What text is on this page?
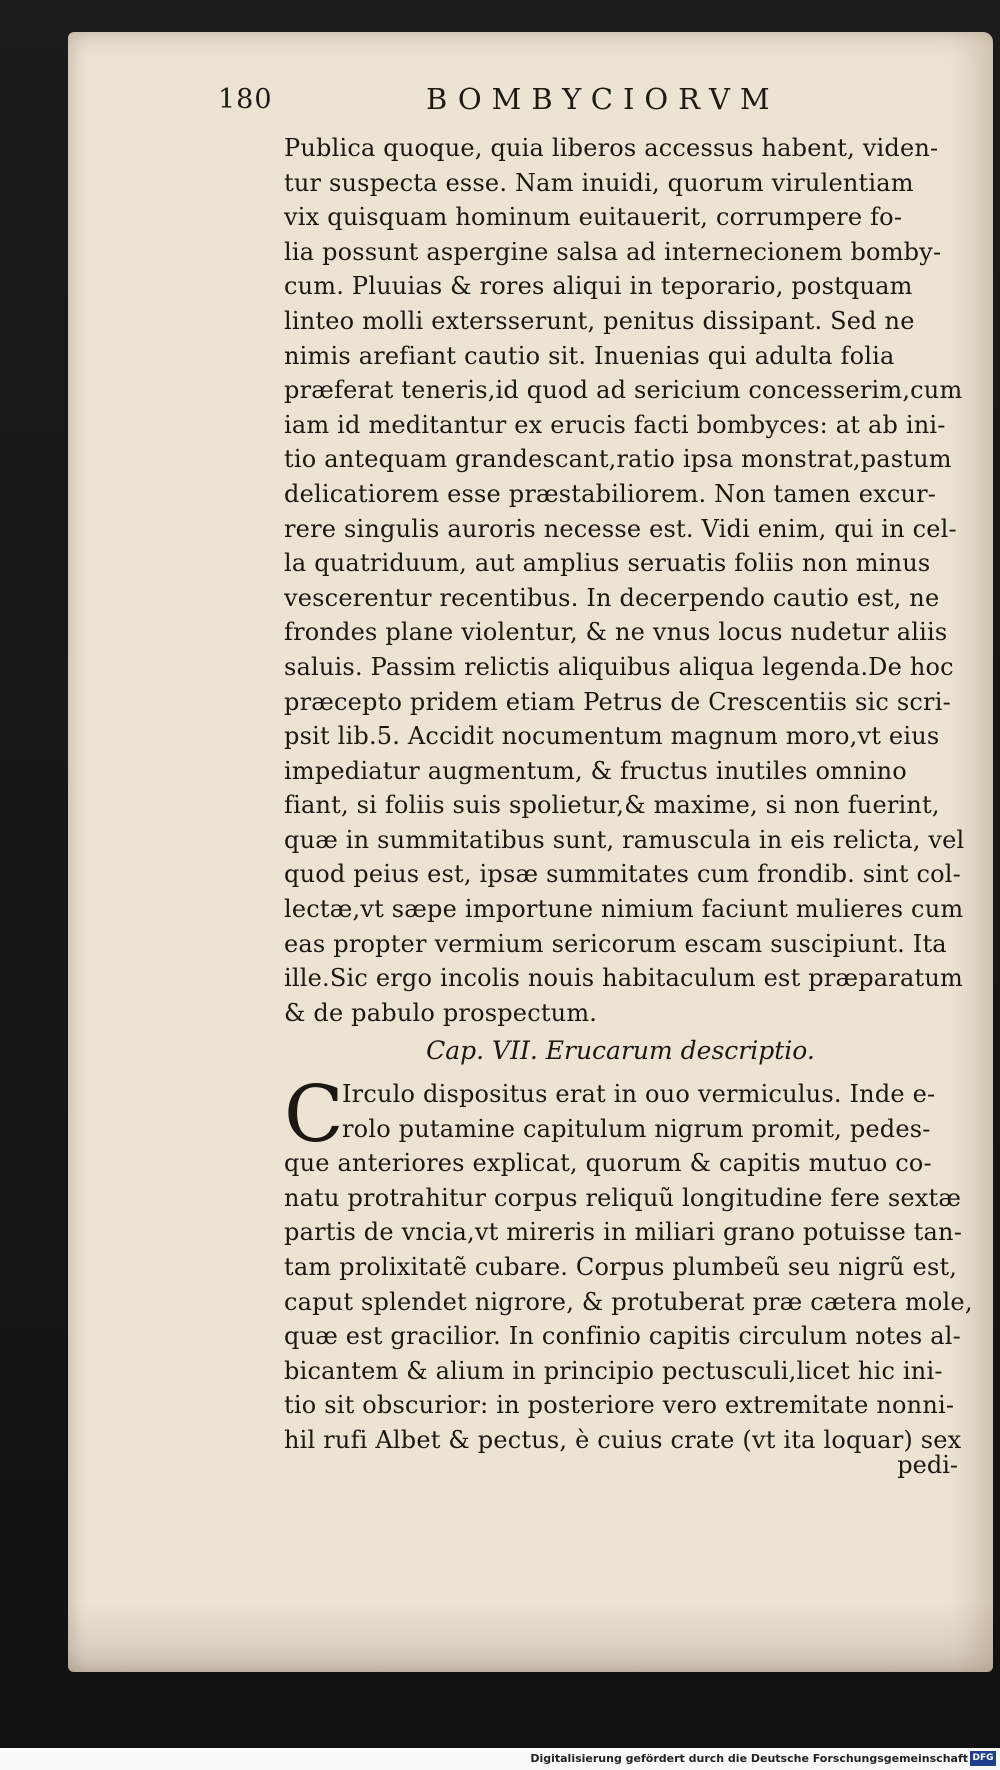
180	BOMBYCIORVM
Publica quoque, quia liberos accessus habent, viden-
tur suspecta esse. Nam inuidi, quorum virulentiam
vix quisquam hominum euitauerit, corrumpere fo-
lia possunt aspergine salsa ad internecionem bomby-
cum. Pluuias & rores aliqui in teporario, postquam
linteo molli extersserunt, penitus dissipant. Sed ne
nimis arefiant cautio sit. Inuenias qui adulta folia
præferat teneris,id quod ad sericium concesserim,cum
iam id meditantur ex erucis facti bombyces: at ab ini-
tio antequam grandescant,ratio ipsa monstrat,pastum
delicatiorem esse præstabiliorem. Non tamen excur-
rere singulis auroris necesse est. Vidi enim, qui in cel-
la quatriduum, aut amplius seruatis foliis non minus
vescerentur recentibus. In decerpendo cautio est, ne
frondes plane violentur, & ne vnus locus nudetur aliis
saluis. Passim relictis aliquibus aliqua legenda.De hoc
præcepto pridem etiam Petrus de Crescentiis sic scri-
psit lib.5. Accidit nocumentum magnum moro,vt eius
impediatur augmentum, & fructus inutiles omnino
fiant, si foliis suis spolietur,& maxime, si non fuerint,
quæ in summitatibus sunt, ramuscula in eis relicta, vel
quod peius est, ipsæ summitates cum frondib. sint col-
lectæ,vt sæpe importune nimium faciunt mulieres cum
eas propter vermium sericorum escam suscipiunt. Ita
ille.Sic ergo incolis nouis habitaculum est præparatum
& de pabulo prospectum.
Cap. VII. Erucarum descriptio.
C
Irculo dispositus erat in ouo vermiculus. Inde e-
rolo putamine capitulum nigrum promit, pedes-
que anteriores explicat, quorum & capitis mutuo co-
natu protrahitur corpus reliquũ longitudine fere sextæ
partis de vncia,vt mireris in miliari grano potuisse tan-
tam prolixitatẽ cubare. Corpus plumbeũ seu nigrũ est,
caput splendet nigrore, & protuberat præ cætera mole,
quæ est gracilior. In confinio capitis circulum notes al-
bicantem & alium in principio pectusculi,licet hic ini-
tio sit obscurior: in posteriore vero extremitate nonni-
hil rufi Albet & pectus, è cuius crate (vt ita loquar) sex
pedi-
Digitalisierung gefördert durch die Deutsche Forschungsgemeinschaft DFG
